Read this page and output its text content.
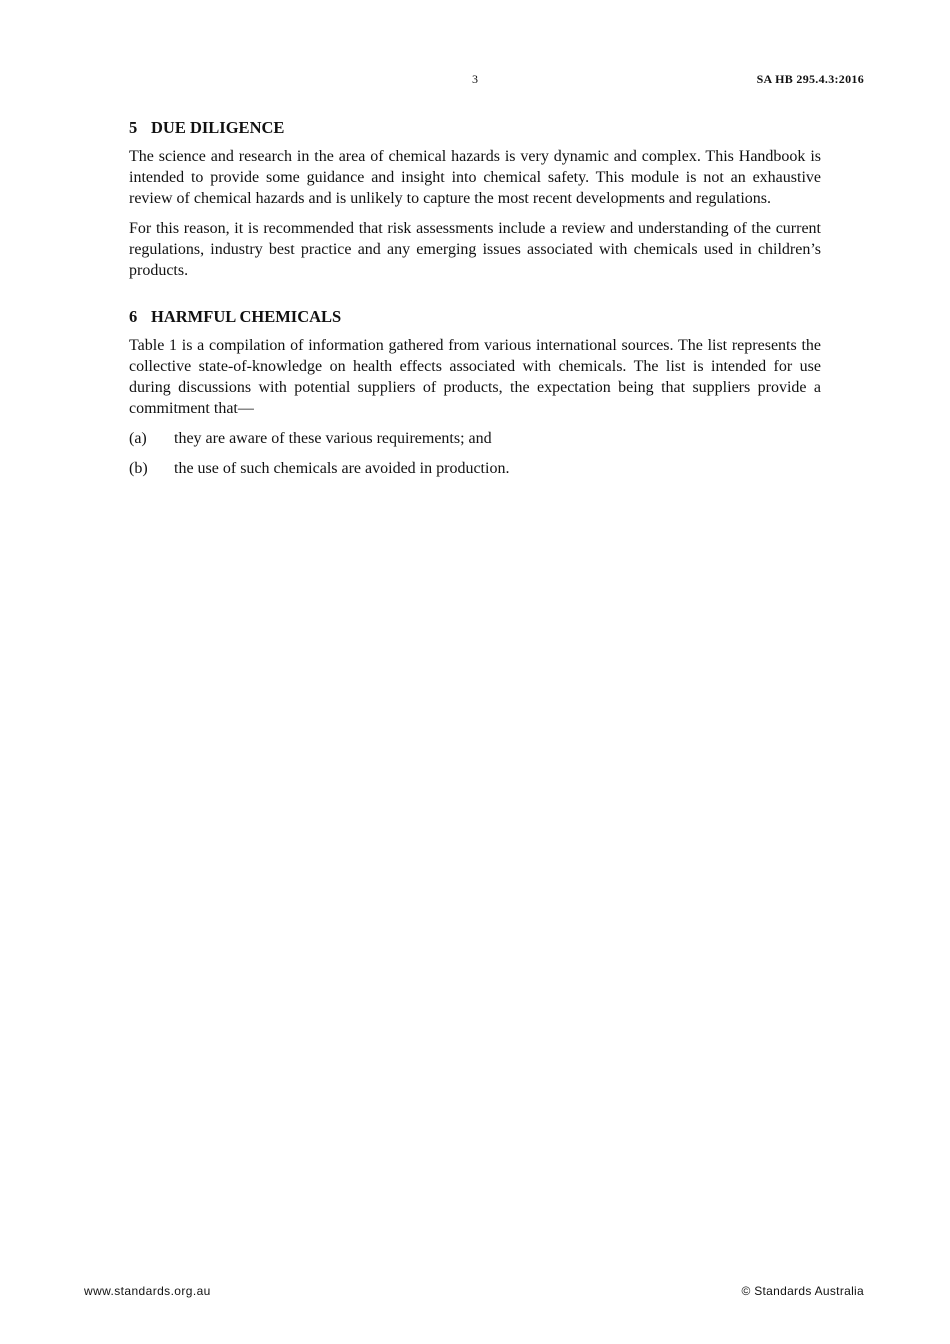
3	SA HB 295.4.3:2016
5 DUE DILIGENCE

The science and research in the area of chemical hazards is very dynamic and complex. This Handbook is intended to provide some guidance and insight into chemical safety. This module is not an exhaustive review of chemical hazards and is unlikely to capture the most recent developments and regulations.

For this reason, it is recommended that risk assessments include a review and understanding of the current regulations, industry best practice and any emerging issues associated with chemicals used in children’s products.

6 HARMFUL CHEMICALS

Table 1 is a compilation of information gathered from various international sources. The list represents the collective state-of-knowledge on health effects associated with chemicals. The list is intended for use during discussions with potential suppliers of products, the expectation being that suppliers provide a commitment that—

(a)	they are aware of these various requirements; and
(b)	the use of such chemicals are avoided in production.
www.standards.org.au	© Standards Australia
